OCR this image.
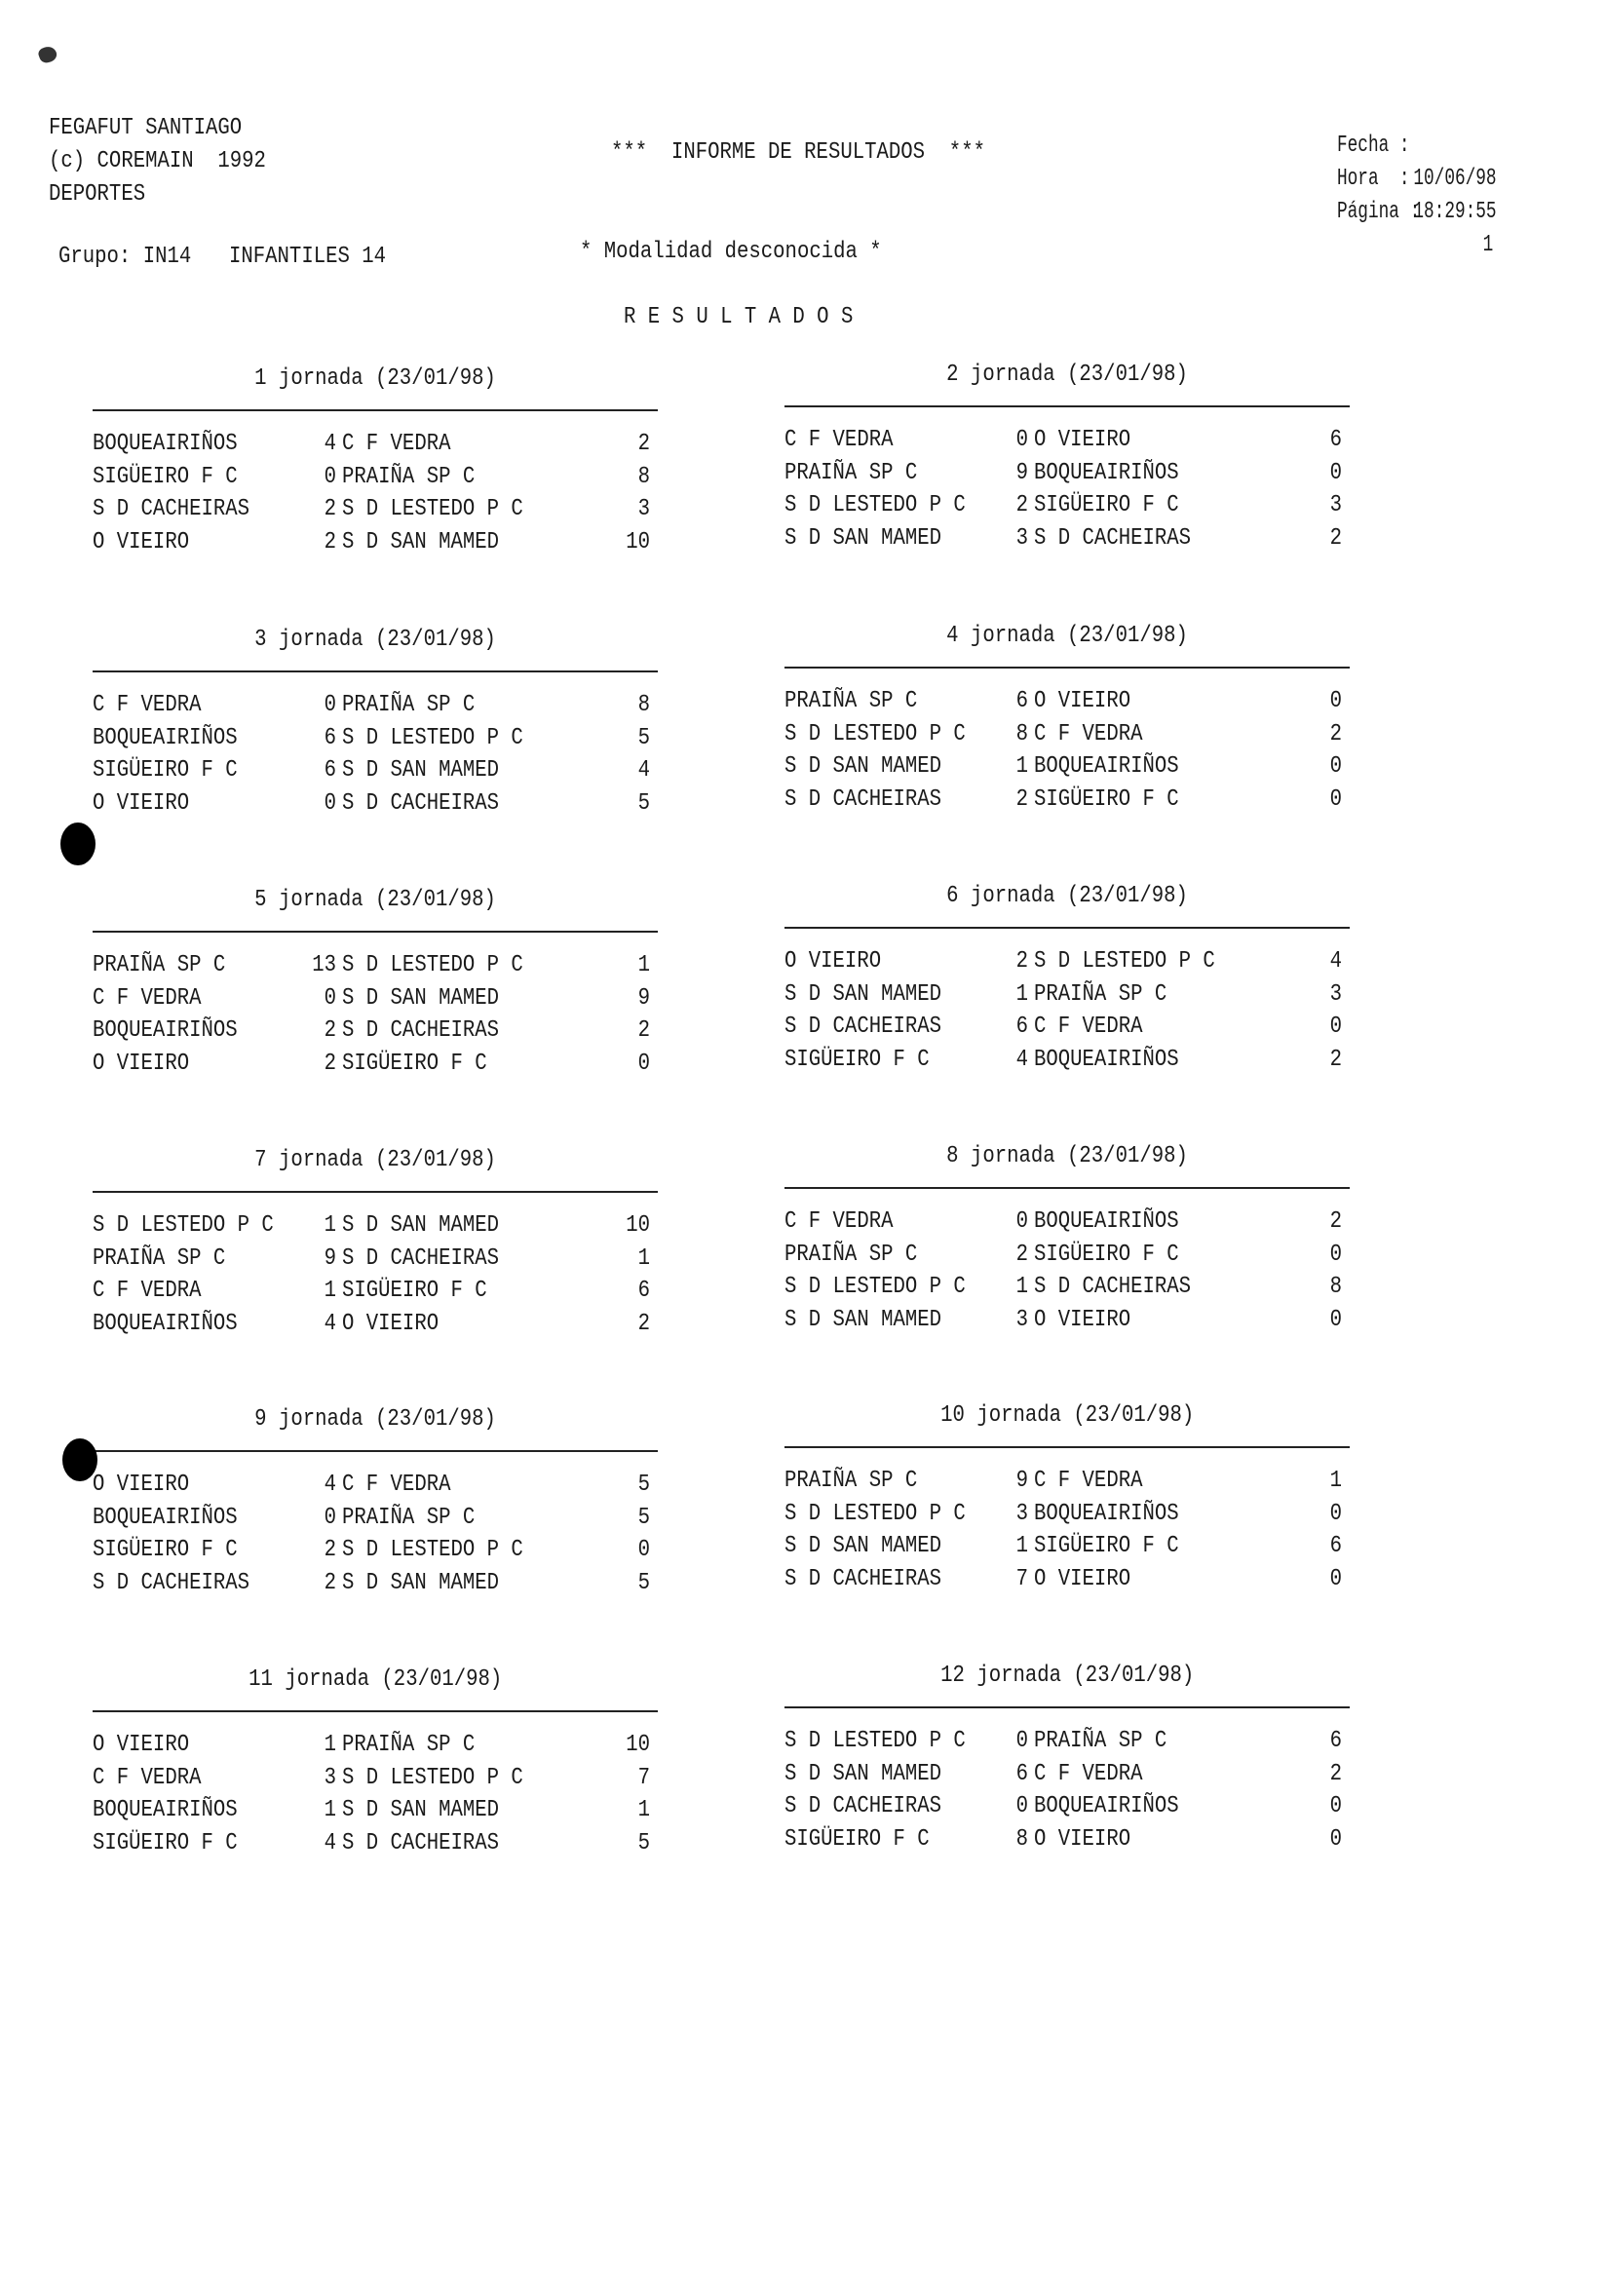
FEGAFUT SANTIAGO
(c) COREMAIN  1992
DEPORTES
***  INFORME DE RESULTADOS  ***

	Fecha :

10/06/98

Hora  :

18:29:55

Página :

1

Grupo: IN14 INFANTILES 14	* Modalidad desconocida *
R E S U L T A D O S
1 jornada (23/01/98)
BOQUEAIRIÑOS	4 C F VEDRA	2
SIGÜEIRO F C	0 PRAIÑA SP C	8
S D CACHEIRAS	2 S D LESTEDO P C	3
O VIEIRO	2 S D SAN MAMED	10
2 jornada (23/01/98)
C F VEDRA	0 O VIEIRO	6
PRAIÑA SP C	9 BOQUEAIRIÑOS	0
S D LESTEDO P C	2 SIGÜEIRO F C	3
S D SAN MAMED	3 S D CACHEIRAS	2
3 jornada (23/01/98)
C F VEDRA	0 PRAIÑA SP C	8
BOQUEAIRIÑOS	6 S D LESTEDO P C	5
SIGÜEIRO F C	6 S D SAN MAMED	4
O VIEIRO	0 S D CACHEIRAS	5
4 jornada (23/01/98)
PRAIÑA SP C	6 O VIEIRO	0
S D LESTEDO P C	8 C F VEDRA	2
S D SAN MAMED	1 BOQUEAIRIÑOS	0
S D CACHEIRAS	2 SIGÜEIRO F C	0
5 jornada (23/01/98)
PRAIÑA SP C	13 S D LESTEDO P C	1
C F VEDRA	0 S D SAN MAMED	9
BOQUEAIRIÑOS	2 S D CACHEIRAS	2
O VIEIRO	2 SIGÜEIRO F C	0
6 jornada (23/01/98)
O VIEIRO	2 S D LESTEDO P C	4
S D SAN MAMED	1 PRAIÑA SP C	3
S D CACHEIRAS	6 C F VEDRA	0
SIGÜEIRO F C	4 BOQUEAIRIÑOS	2
7 jornada (23/01/98)
S D LESTEDO P C	1 S D SAN MAMED	10
PRAIÑA SP C	9 S D CACHEIRAS	1
C F VEDRA	1 SIGÜEIRO F C	6
BOQUEAIRIÑOS	4 O VIEIRO	2
8 jornada (23/01/98)
C F VEDRA	0 BOQUEAIRIÑOS	2
PRAIÑA SP C	2 SIGÜEIRO F C	0
S D LESTEDO P C	1 S D CACHEIRAS	8
S D SAN MAMED	3 O VIEIRO	0
9 jornada (23/01/98)
O VIEIRO	4 C F VEDRA	5
BOQUEAIRIÑOS	0 PRAIÑA SP C	5
SIGÜEIRO F C	2 S D LESTEDO P C	0
S D CACHEIRAS	2 S D SAN MAMED	5
10 jornada (23/01/98)
PRAIÑA SP C	9 C F VEDRA	1
S D LESTEDO P C	3 BOQUEAIRIÑOS	0
S D SAN MAMED	1 SIGÜEIRO F C	6
S D CACHEIRAS	7 O VIEIRO	0
11 jornada (23/01/98)
O VIEIRO	1 PRAIÑA SP C	10
C F VEDRA	3 S D LESTEDO P C	7
BOQUEAIRIÑOS	1 S D SAN MAMED	1
SIGÜEIRO F C	4 S D CACHEIRAS	5
12 jornada (23/01/98)
S D LESTEDO P C	0 PRAIÑA SP C	6
S D SAN MAMED	6 C F VEDRA	2
S D CACHEIRAS	0 BOQUEAIRIÑOS	0
SIGÜEIRO F C	8 O VIEIRO	0
